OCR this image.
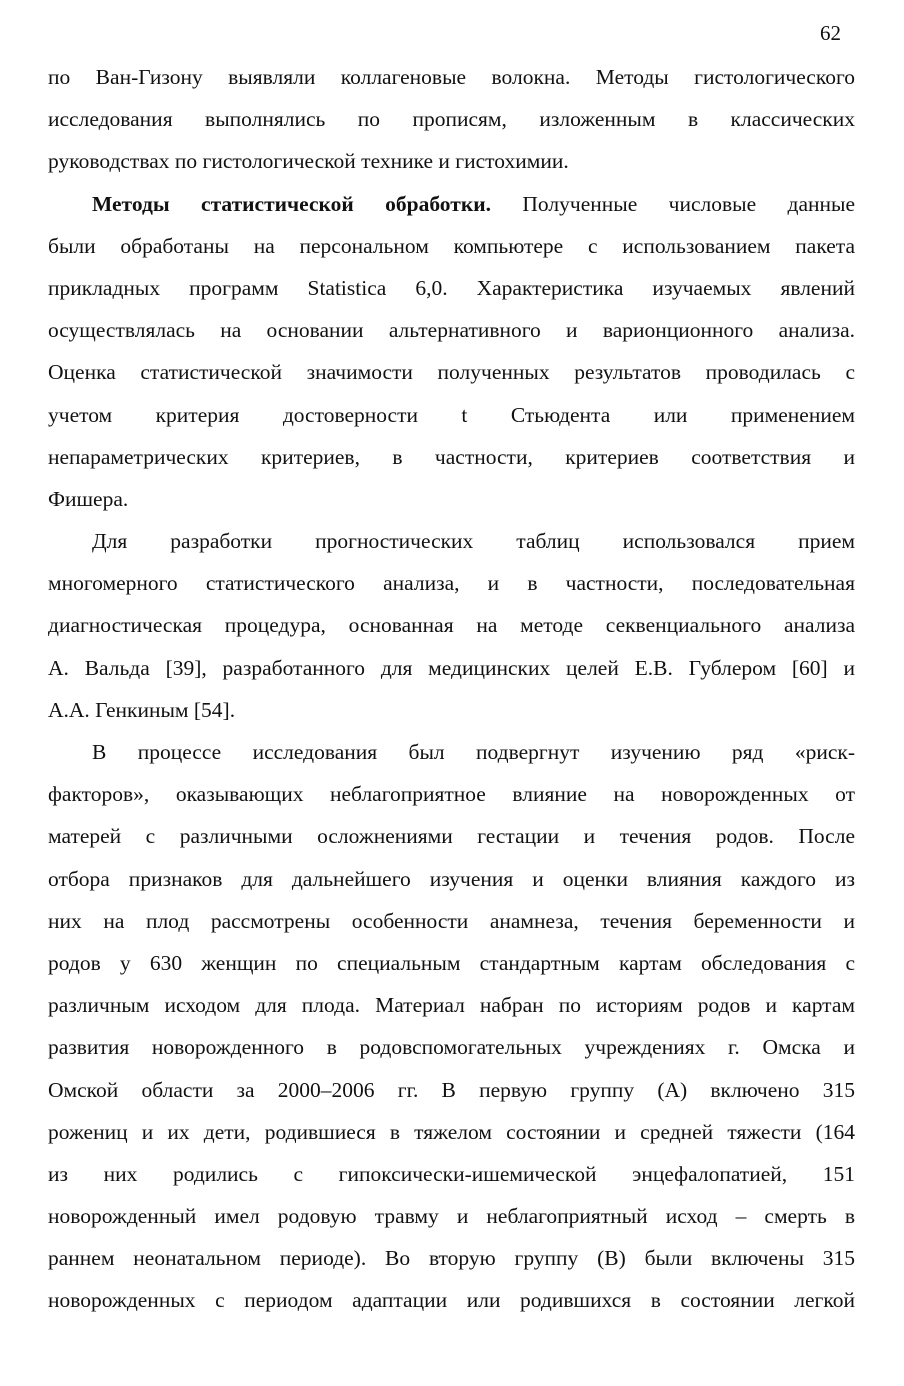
62
по Ван-Гизону выявляли коллагеновые волокна. Методы гистологического
исследования выполнялись по прописям, изложенным в классических
руководствах по гистологической технике и гистохимии.
Методы статистической обработки. Полученные числовые данные
были обработаны на персональном компьютере с использованием пакета
прикладных программ Statistica 6,0. Характеристика изучаемых явлений
осуществлялась на основании альтернативного и варионционного анализа.
Оценка статистической значимости полученных результатов проводилась с
учетом критерия достоверности t Стьюдента или применением
непараметрических критериев, в частности, критериев соответствия и
Фишера.
Для разработки прогностических таблиц использовался прием
многомерного статистического анализа, и в частности, последовательная
диагностическая процедура, основанная на методе секвенциального анализа
А. Вальда [39], разработанного для медицинских целей Е.В. Гублером [60] и
А.А. Генкиным [54].
В процессе исследования был подвергнут изучению ряд «риск-
факторов», оказывающих неблагоприятное влияние на новорожденных от
матерей с различными осложнениями гестации и течения родов. После
отбора признаков для дальнейшего изучения и оценки влияния каждого из
них на плод рассмотрены особенности анамнеза, течения беременности и
родов у 630 женщин по специальным стандартным картам обследования с
различным исходом для плода. Материал набран по историям родов и картам
развития новорожденного в родовспомогательных учреждениях г. Омска и
Омской области за 2000–2006 гг. В первую группу (А) включено 315
рожениц и их дети, родившиеся в тяжелом состоянии и средней тяжести (164
из них родились с гипоксически-ишемической энцефалопатией, 151
новорожденный имел родовую травму и неблагоприятный исход – смерть в
раннем неонатальном периоде). Во вторую группу (В) были включены 315
новорожденных с периодом адаптации или родившихся в состоянии легкой
